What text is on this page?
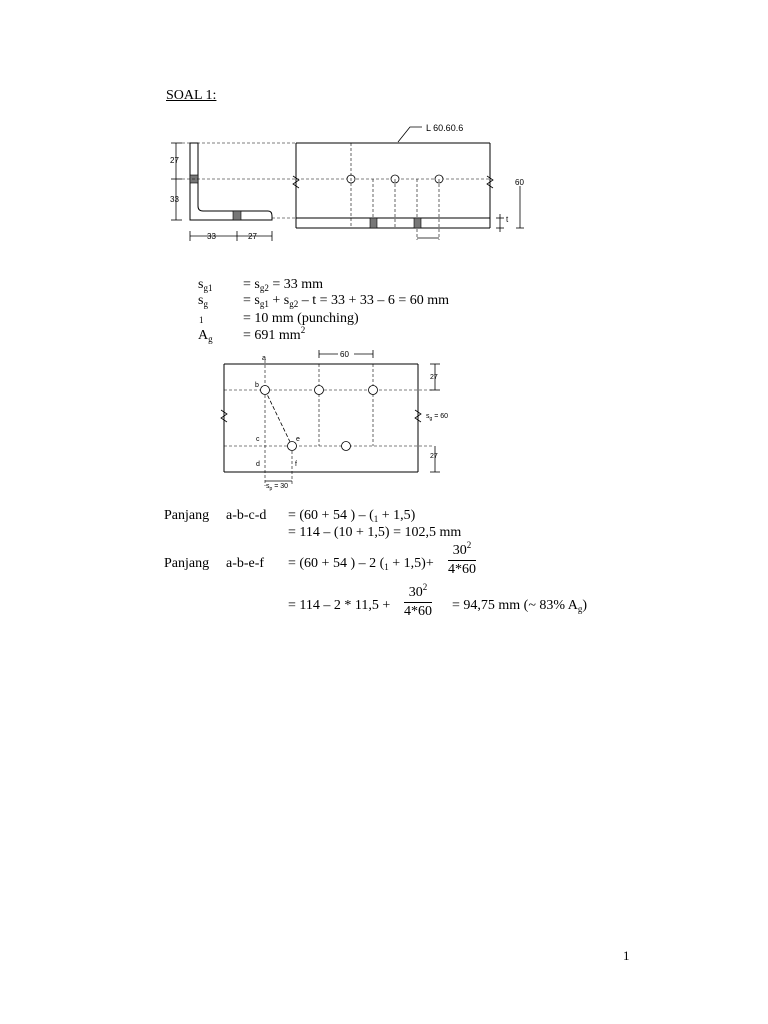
SOAL 1:
L 60.60.6
27
33
33	27
60
t
$s_{g1} = s_{g2} = 33$ mm
$s_g$	= $s_{g1} + s_{g2} - t = 33 + 33 - 6 = 60$ mm
1	= 10 mm (punching)
$A_g = 691$ $mm^2$
60
a
b
c	e
d	f
27
27
$s_g = 60$
$s_p = 30$
Panjang a-b-c-d = (60 + 54 ) – $(_1 + 1,5)$
= 114 – (10 + 1,5) = 102,5 mm
Panjang a-b-e-f = (60 + 54 ) – 2 $(_1 + 1,5)+ \frac{30^2}{4*60}$
= $114 - 2 * 11,5 + \frac{30^2}{4*60} = 94,75$ mm (~ 83% $A_g$)
1
